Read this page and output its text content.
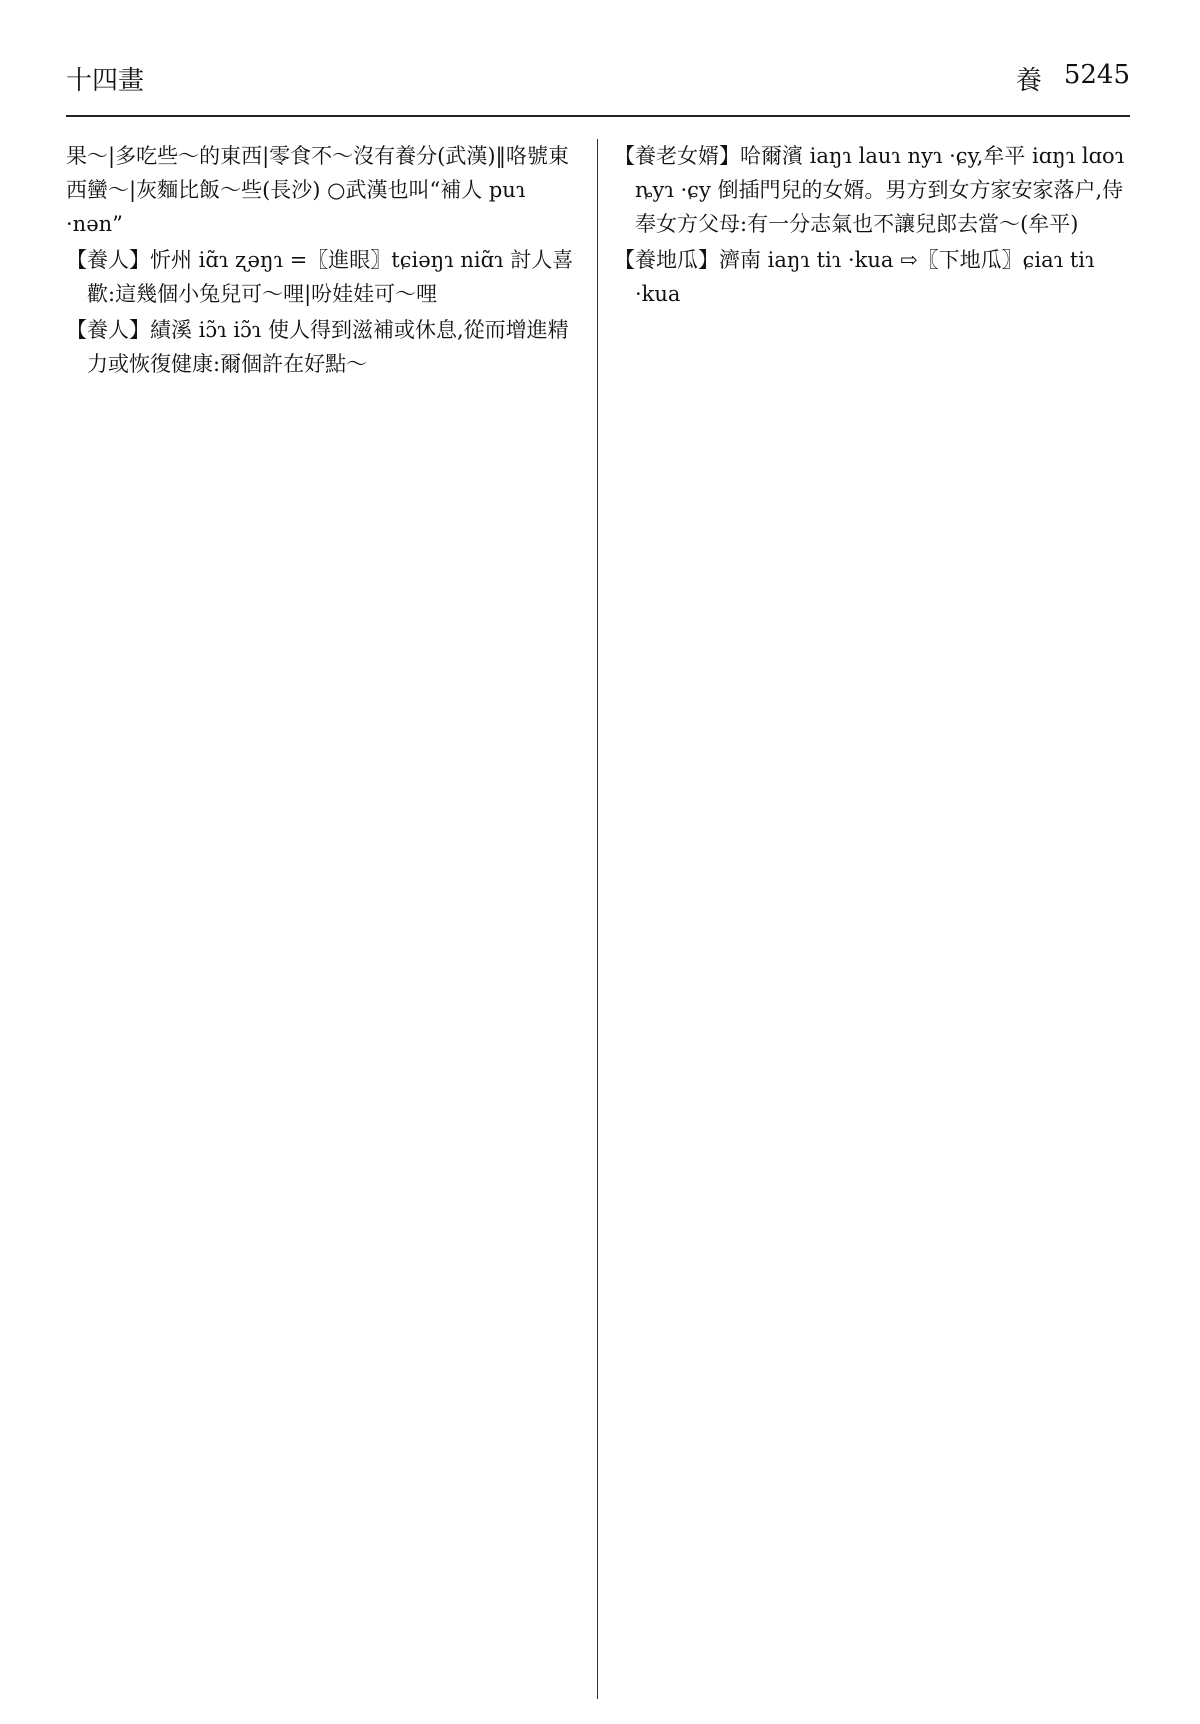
十四畫	養 5245
果～|多吃些～的東西|零食不～沒有養分(武漢)‖咯號東西蠻～|灰麵比飯～些(長沙) ○武漢也叫“補人 puɿ ·nən”
【養人】忻州 iɑ̃ɿ ʐəŋɿ =〖進眼〗tɕiəŋɿ niɑ̃ɿ 討人喜歡:這幾個小兔兒可～哩|吩娃娃可～哩
【養人】績溪 iɔ̃ɿ iɔ̃ɿ 使人得到滋補或休息,從而增進精力或恢復健康:爾個許在好點～
【養老女婿】哈爾濱 iaŋɿ lauɿ nyɿ ·ɕy,牟平 iɑŋɿ lɑoɿ ȵyɿ ·ɕy 倒插門兒的女婿。男方到女方家安家落户,侍奉女方父母:有一分志氣也不讓兒郎去當～(牟平)
【養地瓜】濟南 iaŋɿ tiɿ ·kua ⇨〖下地瓜〗ɕiaɿ tiɿ ·kua
